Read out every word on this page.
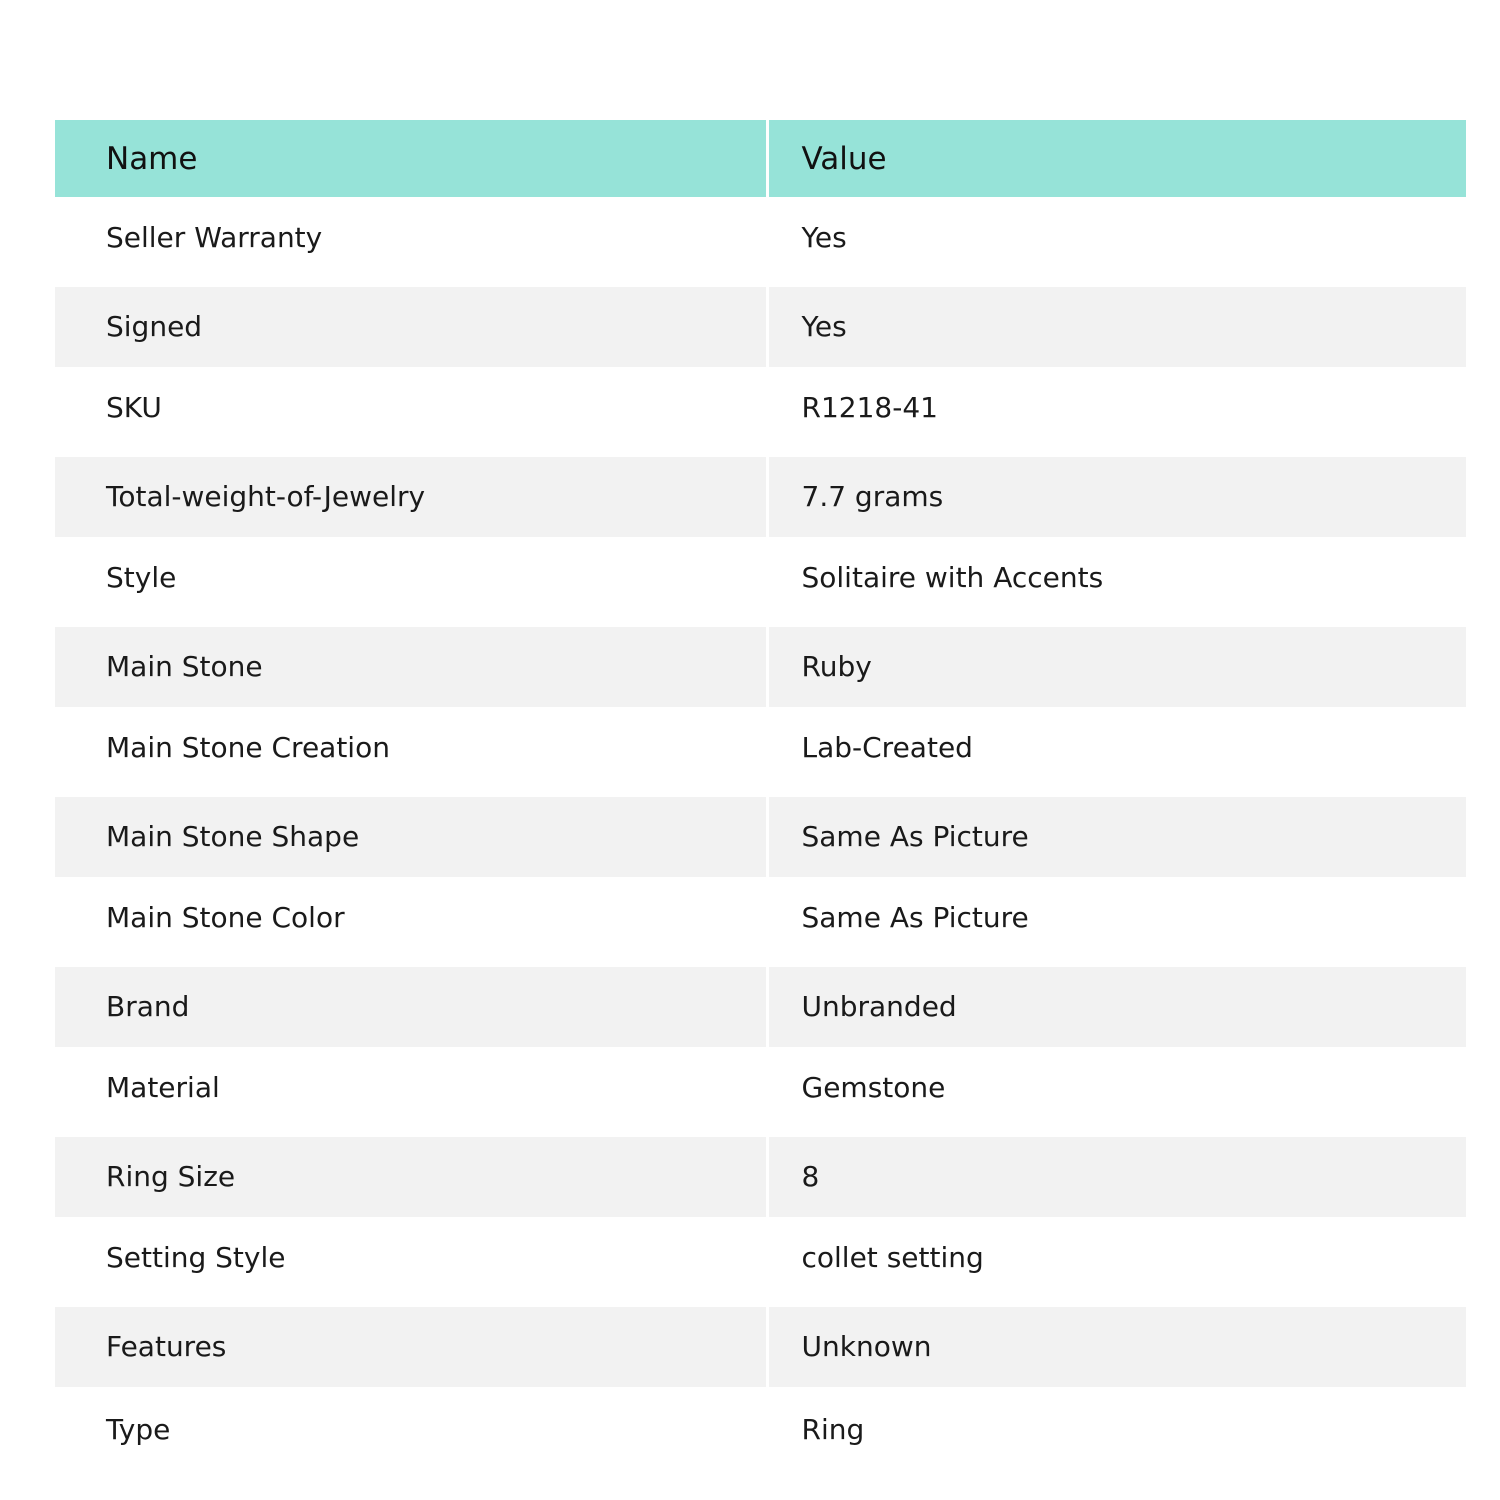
Name	Value
Seller Warranty	Yes
Signed	Yes
SKU	R1218-41
Total-weight-of-Jewelry	7.7 grams
Style	Solitaire with Accents
Main Stone	Ruby
Main Stone Creation	Lab-Created
Main Stone Shape	Same As Picture
Main Stone Color	Same As Picture
Brand	Unbranded
Material	Gemstone
Ring Size	8
Setting Style	collet setting
Features	Unknown
Type	Ring
